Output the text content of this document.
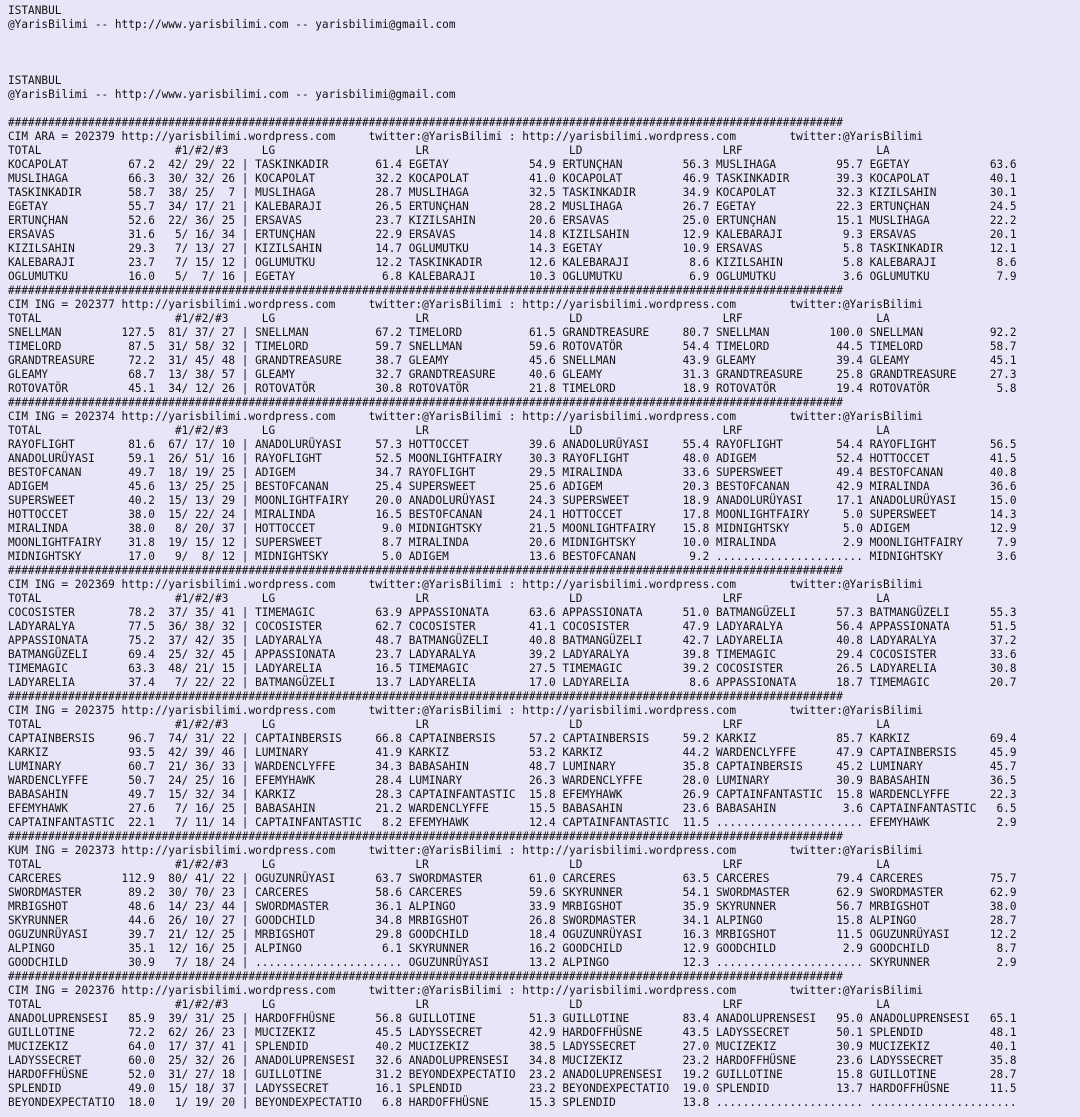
ISTANBUL
@YarisBilimi -- http://www.yarisbilimi.com -- yarisbilimi@gmail.com

ISTANBUL
@YarisBilimi -- http://www.yarisbilimi.com -- yarisbilimi@gmail.com

#############################################################################################################################
CIM ARA = 202379 http://yarisbilimi.wordpress.com     twitter:@YarisBilimi : http://yarisbilimi.wordpress.com        twitter:@YarisBilimi
TOTAL                    #1/#2/#3     LG                     LR                     LD                     LRF                    LA
KOCAPOLAT         67.2  42/ 29/ 22 | TASKINKADIR       61.4 EGETAY            54.9 ERTUNÇHAN         56.3 MUSLIHAGA         95.7 EGETAY            63.6
MUSLIHAGA         66.3  30/ 32/ 26 | KOCAPOLAT         32.2 KOCAPOLAT         41.0 KOCAPOLAT         46.9 TASKINKADIR       39.3 KOCAPOLAT         40.1
TASKINKADIR       58.7  38/ 25/  7 | MUSLIHAGA         28.7 MUSLIHAGA         32.5 TASKINKADIR       34.9 KOCAPOLAT         32.3 KIZILSAHIN        30.1
EGETAY            55.7  34/ 17/ 21 | KALEBARAJI        26.5 ERTUNÇHAN         28.2 MUSLIHAGA         26.7 EGETAY            22.3 ERTUNÇHAN         24.5
ERTUNÇHAN         52.6  22/ 36/ 25 | ERSAVAS           23.7 KIZILSAHIN        20.6 ERSAVAS           25.0 ERTUNÇHAN         15.1 MUSLIHAGA         22.2
ERSAVAS           31.6   5/ 16/ 34 | ERTUNÇHAN         22.9 ERSAVAS           14.8 KIZILSAHIN        12.9 KALEBARAJI         9.3 ERSAVAS           20.1
KIZILSAHIN        29.3   7/ 13/ 27 | KIZILSAHIN        14.7 OGLUMUTKU         14.3 EGETAY            10.9 ERSAVAS            5.8 TASKINKADIR       12.1
KALEBARAJI        23.7   7/ 15/ 12 | OGLUMUTKU         12.2 TASKINKADIR       12.6 KALEBARAJI         8.6 KIZILSAHIN         5.8 KALEBARAJI         8.6
OGLUMUTKU         16.0   5/  7/ 16 | EGETAY             6.8 KALEBARAJI        10.3 OGLUMUTKU          6.9 OGLUMUTKU          3.6 OGLUMUTKU          7.9
#############################################################################################################################
CIM ING = 202377 http://yarisbilimi.wordpress.com     twitter:@YarisBilimi : http://yarisbilimi.wordpress.com        twitter:@YarisBilimi
TOTAL                    #1/#2/#3     LG                     LR                     LD                     LRF                    LA
SNELLMAN         127.5  81/ 37/ 27 | SNELLMAN          67.2 TIMELORD          61.5 GRANDTREASURE     80.7 SNELLMAN         100.0 SNELLMAN          92.2
TIMELORD          87.5  31/ 58/ 32 | TIMELORD          59.7 SNELLMAN          59.6 ROTOVATÖR         54.4 TIMELORD          44.5 TIMELORD          58.7
GRANDTREASURE     72.2  31/ 45/ 48 | GRANDTREASURE     38.7 GLEAMY            45.6 SNELLMAN          43.9 GLEAMY            39.4 GLEAMY            45.1
GLEAMY            68.7  13/ 38/ 57 | GLEAMY            32.7 GRANDTREASURE     40.6 GLEAMY            31.3 GRANDTREASURE     25.8 GRANDTREASURE     27.3
ROTOVATÖR         45.1  34/ 12/ 26 | ROTOVATÖR         30.8 ROTOVATÖR         21.8 TIMELORD          18.9 ROTOVATÖR         19.4 ROTOVATÖR          5.8
#############################################################################################################################
CIM ING = 202374 http://yarisbilimi.wordpress.com     twitter:@YarisBilimi : http://yarisbilimi.wordpress.com        twitter:@YarisBilimi
TOTAL                    #1/#2/#3     LG                     LR                     LD                     LRF                    LA
RAYOFLIGHT        81.6  67/ 17/ 10 | ANADOLURÜYASI     57.3 HOTTOCCET         39.6 ANADOLURÜYASI     55.4 RAYOFLIGHT        54.4 RAYOFLIGHT        56.5
ANADOLURÜYASI     59.1  26/ 51/ 16 | RAYOFLIGHT        52.5 MOONLIGHTFAIRY    30.3 RAYOFLIGHT        48.0 ADIGEM            52.4 HOTTOCCET         41.5
BESTOFCANAN       49.7  18/ 19/ 25 | ADIGEM            34.7 RAYOFLIGHT        29.5 MIRALINDA         33.6 SUPERSWEET        49.4 BESTOFCANAN       40.8
ADIGEM            45.6  13/ 25/ 25 | BESTOFCANAN       25.4 SUPERSWEET        25.6 ADIGEM            20.3 BESTOFCANAN       42.9 MIRALINDA         36.6
SUPERSWEET        40.2  15/ 13/ 29 | MOONLIGHTFAIRY    20.0 ANADOLURÜYASI     24.3 SUPERSWEET        18.9 ANADOLURÜYASI     17.1 ANADOLURÜYASI     15.0
HOTTOCCET         38.0  15/ 22/ 24 | MIRALINDA         16.5 BESTOFCANAN       24.1 HOTTOCCET         17.8 MOONLIGHTFAIRY     5.0 SUPERSWEET        14.3
MIRALINDA         38.0   8/ 20/ 37 | HOTTOCCET          9.0 MIDNIGHTSKY       21.5 MOONLIGHTFAIRY    15.8 MIDNIGHTSKY        5.0 ADIGEM            12.9
MOONLIGHTFAIRY    31.8  19/ 15/ 12 | SUPERSWEET         8.7 MIRALINDA         20.6 MIDNIGHTSKY       10.0 MIRALINDA          2.9 MOONLIGHTFAIRY     7.9
MIDNIGHTSKY       17.0   9/  8/ 12 | MIDNIGHTSKY        5.0 ADIGEM            13.6 BESTOFCANAN        9.2 ...................... MIDNIGHTSKY        3.6
#############################################################################################################################
CIM ING = 202369 http://yarisbilimi.wordpress.com     twitter:@YarisBilimi : http://yarisbilimi.wordpress.com        twitter:@YarisBilimi
TOTAL                    #1/#2/#3     LG                     LR                     LD                     LRF                    LA
COCOSISTER        78.2  37/ 35/ 41 | TIMEMAGIC         63.9 APPASSIONATA      63.6 APPASSIONATA      51.0 BATMANGÜZELI      57.3 BATMANGÜZELI      55.3
LADYARALYA        77.5  36/ 38/ 32 | COCOSISTER        62.7 COCOSISTER        41.1 COCOSISTER        47.9 LADYARALYA        56.4 APPASSIONATA      51.5
APPASSIONATA      75.2  37/ 42/ 35 | LADYARALYA        48.7 BATMANGÜZELI      40.8 BATMANGÜZELI      42.7 LADYARELIA        40.8 LADYARALYA        37.2
BATMANGÜZELI      69.4  25/ 32/ 45 | APPASSIONATA      23.7 LADYARALYA        39.2 LADYARALYA        39.8 TIMEMAGIC         29.4 COCOSISTER        33.6
TIMEMAGIC         63.3  48/ 21/ 15 | LADYARELIA        16.5 TIMEMAGIC         27.5 TIMEMAGIC         39.2 COCOSISTER        26.5 LADYARELIA        30.8
LADYARELIA        37.4   7/ 22/ 22 | BATMANGÜZELI      13.7 LADYARELIA        17.0 LADYARELIA         8.6 APPASSIONATA      18.7 TIMEMAGIC         20.7
#############################################################################################################################
CIM ING = 202375 http://yarisbilimi.wordpress.com     twitter:@YarisBilimi : http://yarisbilimi.wordpress.com        twitter:@YarisBilimi
TOTAL                    #1/#2/#3     LG                     LR                     LD                     LRF                    LA
CAPTAINBERSIS     96.7  74/ 31/ 22 | CAPTAINBERSIS     66.8 CAPTAINBERSIS     57.2 CAPTAINBERSIS     59.2 KARKIZ            85.7 KARKIZ            69.4
KARKIZ            93.5  42/ 39/ 46 | LUMINARY          41.9 KARKIZ            53.2 KARKIZ            44.2 WARDENCLYFFE      47.9 CAPTAINBERSIS     45.9
LUMINARY          60.7  21/ 36/ 33 | WARDENCLYFFE      34.3 BABASAHIN         48.7 LUMINARY          35.8 CAPTAINBERSIS     45.2 LUMINARY          45.7
WARDENCLYFFE      50.7  24/ 25/ 16 | EFEMYHAWK         28.4 LUMINARY          26.3 WARDENCLYFFE      28.0 LUMINARY          30.9 BABASAHIN         36.5
BABASAHIN         49.7  15/ 32/ 34 | KARKIZ            28.3 CAPTAINFANTASTIC  15.8 EFEMYHAWK         26.9 CAPTAINFANTASTIC  15.8 WARDENCLYFFE      22.3
EFEMYHAWK         27.6   7/ 16/ 25 | BABASAHIN         21.2 WARDENCLYFFE      15.5 BABASAHIN         23.6 BABASAHIN          3.6 CAPTAINFANTASTIC   6.5
CAPTAINFANTASTIC  22.1   7/ 11/ 14 | CAPTAINFANTASTIC   8.2 EFEMYHAWK         12.4 CAPTAINFANTASTIC  11.5 ...................... EFEMYHAWK          2.9
#############################################################################################################################
KUM ING = 202373 http://yarisbilimi.wordpress.com     twitter:@YarisBilimi : http://yarisbilimi.wordpress.com        twitter:@YarisBilimi
TOTAL                    #1/#2/#3     LG                     LR                     LD                     LRF                    LA
CARCERES         112.9  80/ 41/ 22 | OGUZUNRÜYASI      63.7 SWORDMASTER       61.0 CARCERES          63.5 CARCERES          79.4 CARCERES          75.7
SWORDMASTER       89.2  30/ 70/ 23 | CARCERES          58.6 CARCERES          59.6 SKYRUNNER         54.1 SWORDMASTER       62.9 SWORDMASTER       62.9
MRBIGSHOT         48.6  14/ 23/ 44 | SWORDMASTER       36.1 ALPINGO           33.9 MRBIGSHOT         35.9 SKYRUNNER         56.7 MRBIGSHOT         38.0
SKYRUNNER         44.6  26/ 10/ 27 | GOODCHILD         34.8 MRBIGSHOT         26.8 SWORDMASTER       34.1 ALPINGO           15.8 ALPINGO           28.7
OGUZUNRÜYASI      39.7  21/ 12/ 25 | MRBIGSHOT         29.8 GOODCHILD         18.4 OGUZUNRÜYASI      16.3 MRBIGSHOT         11.5 OGUZUNRÜYASI      12.2
ALPINGO           35.1  12/ 16/ 25 | ALPINGO            6.1 SKYRUNNER         16.2 GOODCHILD         12.9 GOODCHILD          2.9 GOODCHILD          8.7
GOODCHILD         30.9   7/ 18/ 24 | ...................... OGUZUNRÜYASI      13.2 ALPINGO           12.3 ...................... SKYRUNNER          2.9
#############################################################################################################################
CIM ING = 202376 http://yarisbilimi.wordpress.com     twitter:@YarisBilimi : http://yarisbilimi.wordpress.com        twitter:@YarisBilimi
TOTAL                    #1/#2/#3     LG                     LR                     LD                     LRF                    LA
ANADOLUPRENSESI   85.9  39/ 31/ 25 | HARDOFFHÜSNE      56.8 GUILLOTINE        51.3 GUILLOTINE        83.4 ANADOLUPRENSESI   95.0 ANADOLUPRENSESI   65.1
GUILLOTINE        72.2  62/ 26/ 23 | MUCIZEKIZ         45.5 LADYSSECRET       42.9 HARDOFFHÜSNE      43.5 LADYSSECRET       50.1 SPLENDID          48.1
MUCIZEKIZ         64.0  17/ 37/ 41 | SPLENDID          40.2 MUCIZEKIZ         38.5 LADYSSECRET       27.0 MUCIZEKIZ         30.9 MUCIZEKIZ         40.1
LADYSSECRET       60.0  25/ 32/ 26 | ANADOLUPRENSESI   32.6 ANADOLUPRENSESI   34.8 MUCIZEKIZ         23.2 HARDOFFHÜSNE      23.6 LADYSSECRET       35.8
HARDOFFHÜSNE      52.0  31/ 27/ 18 | GUILLOTINE        31.2 BEYONDEXPECTATIO  23.2 ANADOLUPRENSESI   19.2 GUILLOTINE        15.8 GUILLOTINE        28.7
SPLENDID          49.0  15/ 18/ 37 | LADYSSECRET       16.1 SPLENDID          23.2 BEYONDEXPECTATIO  19.0 SPLENDID          13.7 HARDOFFHÜSNE      11.5
BEYONDEXPECTATIO  18.0   1/ 19/ 20 | BEYONDEXPECTATIO   6.8 HARDOFFHÜSNE      15.3 SPLENDID          13.8 ...................... ......................
